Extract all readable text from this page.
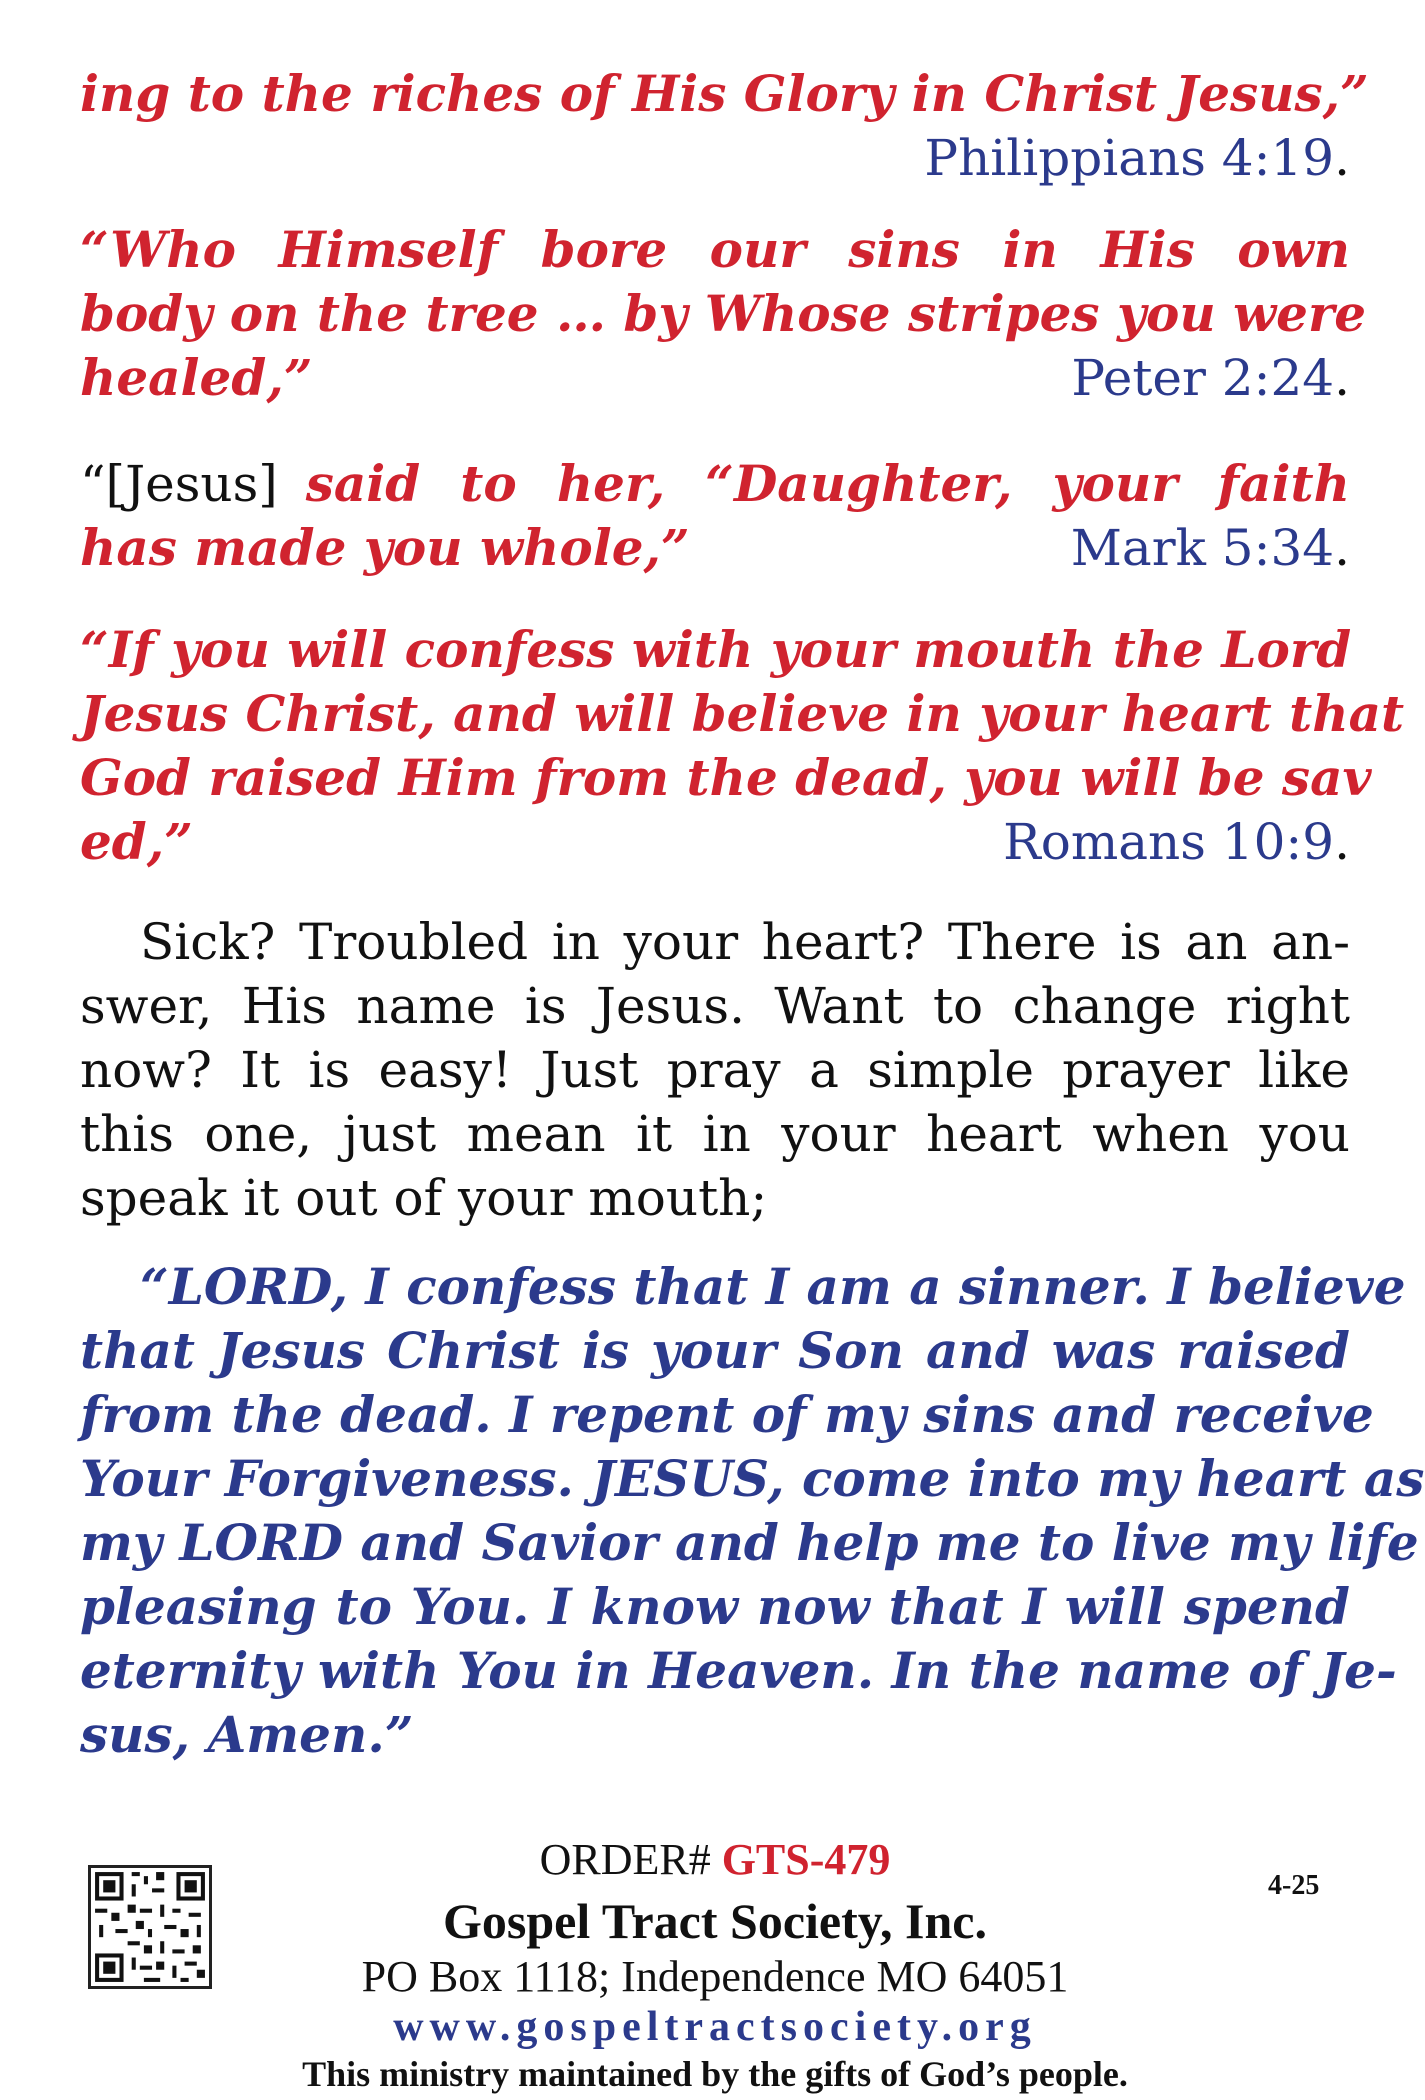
ing to the riches of His Glory in Christ Jesus,”
Philippians 4:19.
“Who Himself bore our sins in His own
body on the tree … by Whose stripes you were
healed,”	Peter 2:24.
“[Jesus] said to her, “Daughter, your faith
has made you whole,”	Mark 5:34.
“If you will confess with your mouth the Lord
Jesus Christ, and will believe in your heart that
God raised Him from the dead, you will be sav
ed,”	Romans 10:9.
Sick? Troubled in your heart? There is an an-
swer, His name is Jesus. Want to change right
now? It is easy! Just pray a simple prayer like
this one, just mean it in your heart when you
speak it out of your mouth;
“LORD, I confess that I am a sinner. I believe
that Jesus Christ is your Son and was raised
from the dead. I repent of my sins and receive
Your Forgiveness. JESUS, come into my heart as
my LORD and Savior and help me to live my life
pleasing to You. I know now that I will spend
eternity with You in Heaven. In the name of Je-
sus, Amen.”
ORDER# GTS-479
4-25
Gospel Tract Society, Inc.
PO Box 1118; Independence MO 64051
www.gospeltractsociety.org
This ministry maintained by the gifts of God’s people.
